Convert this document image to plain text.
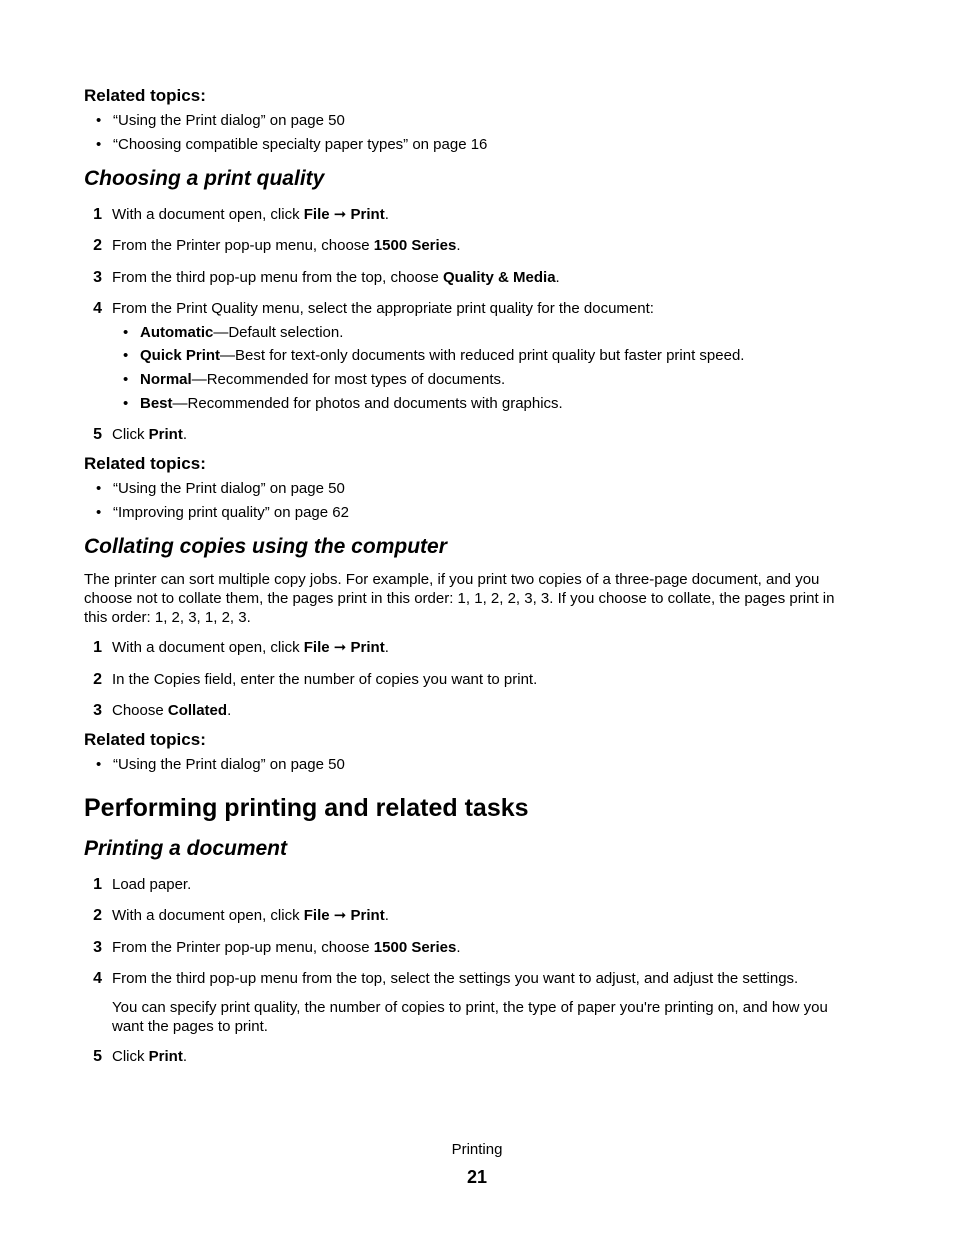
Related topics:
• “Using the Print dialog” on page 50
• “Choosing compatible specialty paper types” on page 16
Choosing a print quality
1 With a document open, click File ➞ Print.
2 From the Printer pop-up menu, choose 1500 Series.
3 From the third pop-up menu from the top, choose Quality & Media.
4 From the Print Quality menu, select the appropriate print quality for the document:
• Automatic—Default selection.
• Quick Print—Best for text-only documents with reduced print quality but faster print speed.
• Normal—Recommended for most types of documents.
• Best—Recommended for photos and documents with graphics.
5 Click Print.
Related topics:
• “Using the Print dialog” on page 50
• “Improving print quality” on page 62
Collating copies using the computer
The printer can sort multiple copy jobs. For example, if you print two copies of a three-page document, and you
choose not to collate them, the pages print in this order: 1, 1, 2, 2, 3, 3. If you choose to collate, the pages print in
this order: 1, 2, 3, 1, 2, 3.
1 With a document open, click File ➞ Print.
2 In the Copies field, enter the number of copies you want to print.
3 Choose Collated.
Related topics:
• “Using the Print dialog” on page 50
Performing printing and related tasks
Printing a document
1 Load paper.
2 With a document open, click File ➞ Print.
3 From the Printer pop-up menu, choose 1500 Series.
4 From the third pop-up menu from the top, select the settings you want to adjust, and adjust the settings.
You can specify print quality, the number of copies to print, the type of paper you're printing on, and how you
want the pages to print.
5 Click Print.
Printing
21
